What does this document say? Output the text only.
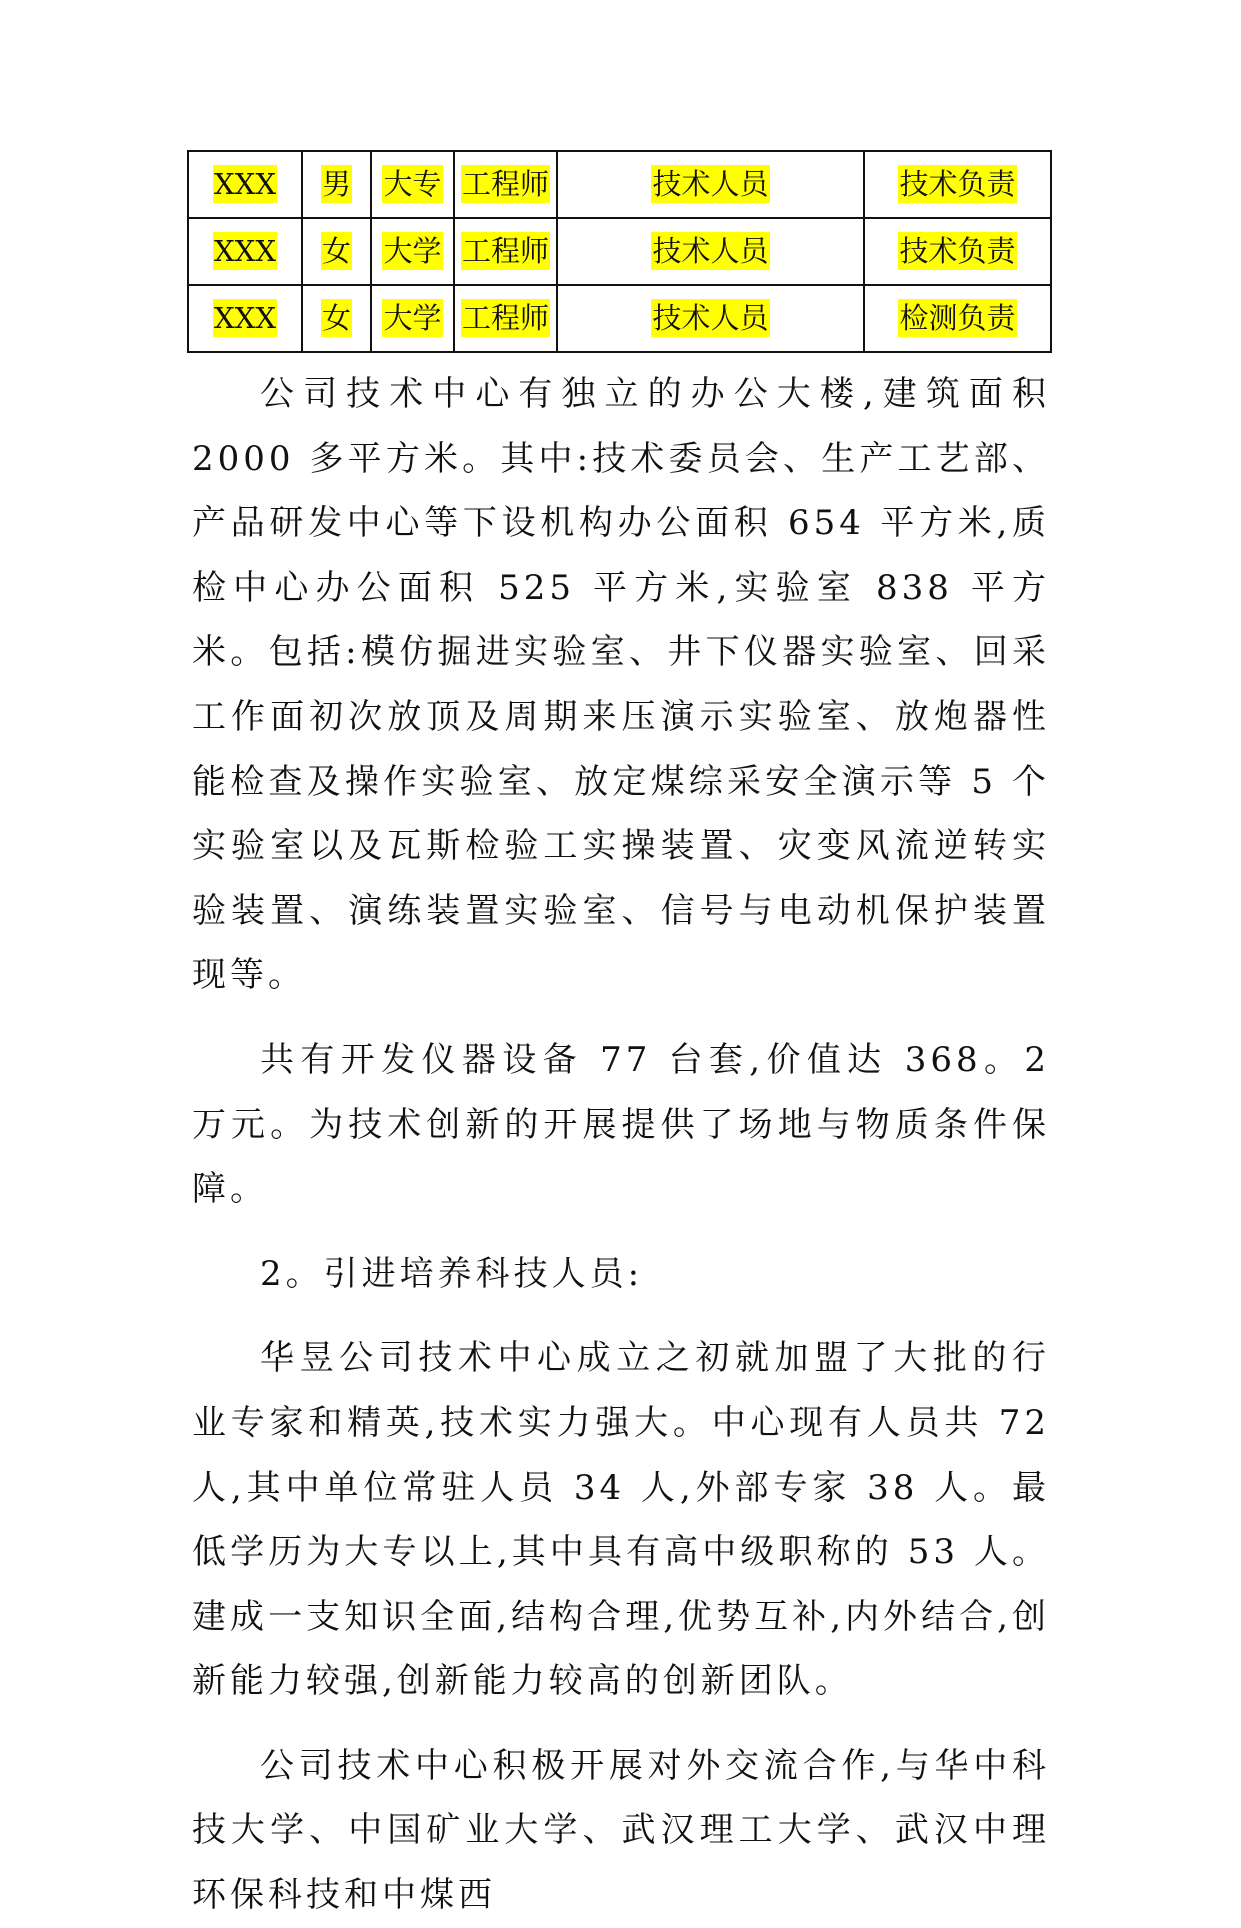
XXX	男	大专	工程师	技术人员	技术负责
XXX	女	大学	工程师	技术人员	技术负责
XXX	女	大学	工程师	技术人员	检测负责

公司技术中心有独立的办公大楼,建筑面积 2000 多平方米。其中:技术委员会、生产工艺部、产品研发中心等下设机构办公面积 654 平方米,质检中心办公面积 525 平方米,实验室 838 平方米。包括:模仿掘进实验室、井下仪器实验室、回采工作面初次放顶及周期来压演示实验室、放炮器性能检查及操作实验室、放定煤综采安全演示等 5 个实验室以及瓦斯检验工实操装置、灾变风流逆转实验装置、演练装置实验室、信号与电动机保护装置现等。

共有开发仪器设备 77 台套,价值达 368。2 万元。为技术创新的开展提供了场地与物质条件保障。

2。引进培养科技人员:

华昱公司技术中心成立之初就加盟了大批的行业专家和精英,技术实力强大。中心现有人员共 72 人,其中单位常驻人员 34 人,外部专家 38 人。最低学历为大专以上,其中具有高中级职称的 53 人。建成一支知识全面,结构合理,优势互补,内外结合,创新能力较强,创新能力较高的创新团队。

公司技术中心积极开展对外交流合作,与华中科技大学、中国矿业大学、武汉理工大学、武汉中理环保科技和中煤西
